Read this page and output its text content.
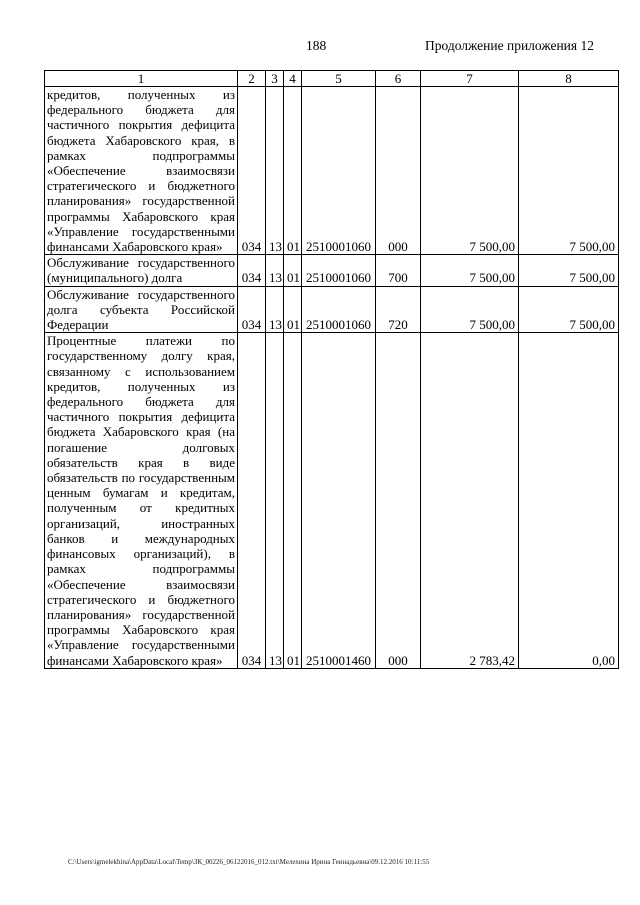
188	Продолжение приложения 12
1	2	3	4	5	6	7	8

кредитов, полученных из федерального бюджета для частичного покрытия дефицита бюджета Хабаровского края, в рамках подпрограммы «Обеспечение взаимосвязи стратегического и бюджетного планирования» государственной программы Хабаровского края «Управление государственными финансами Хабаровского края»	034	13	01	2510001060	000	7 500,00	7 500,00

Обслуживание государственного (муниципального) долга	034	13	01	2510001060	700	7 500,00	7 500,00

Обслуживание государственного долга субъекта Российской Федерации	034	13	01	2510001060	720	7 500,00	7 500,00

Процентные платежи по государственному долгу края, связанному с использованием кредитов, полученных из федерального бюджета для частичного покрытия дефицита бюджета Хабаровского края (на погашение долговых обязательств края в виде обязательств по государственным ценным бумагам и кредитам, полученным от кредитных организаций, иностранных банков и международных финансовых организаций), в рамках подпрограммы «Обеспечение взаимосвязи стратегического и бюджетного планирования» государственной программы Хабаровского края «Управление государственными финансами Хабаровского края»	034	13	01	2510001460	000	2 783,42	0,00
C:\Users\igmelekhina\AppData\Local\Temp\ЗК_00226_06122016_012.txt\Мелехина Ирина Геннадьевна\09.12.2016 10:11:55
